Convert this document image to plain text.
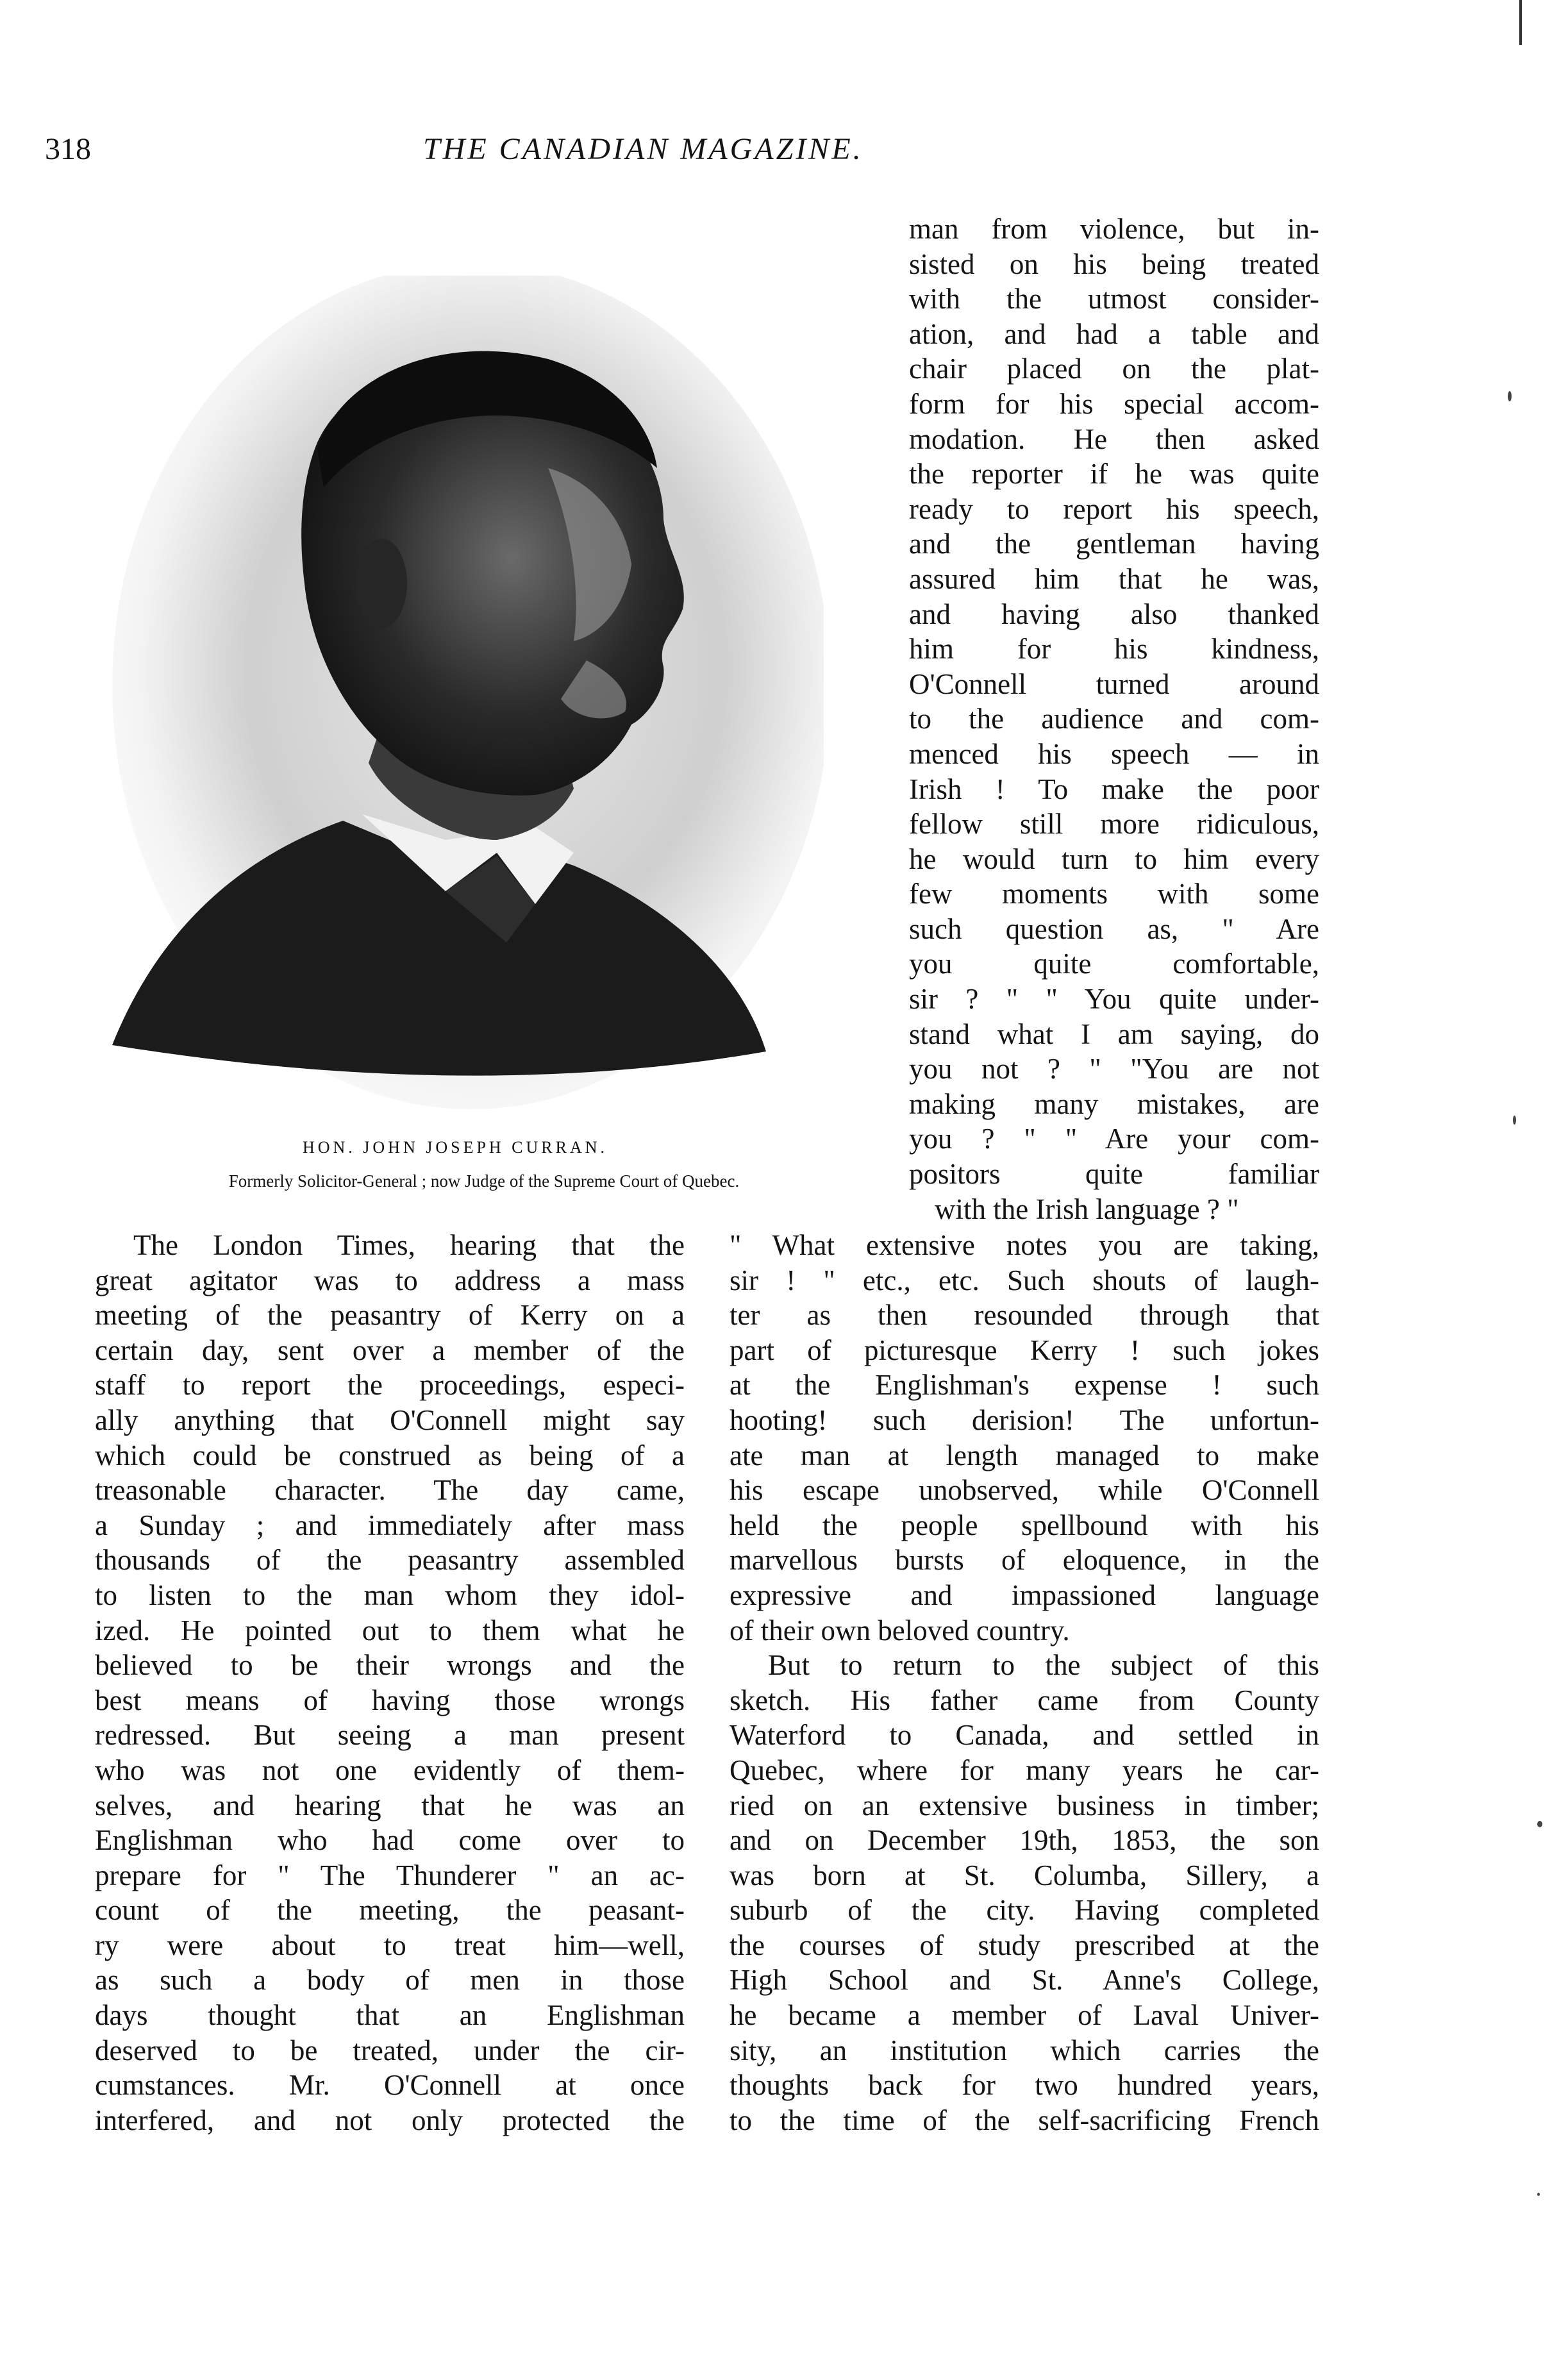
318	THE CANADIAN MAGAZINE.
HON. JOHN JOSEPH CURRAN.
Formerly Solicitor-General ; now Judge of the Supreme Court of Quebec.
man from violence, but in-
sisted on his being treated
with the utmost consider-
ation, and had a table and
chair placed on the plat-
form for his special accom-
modation. He then asked
the reporter if he was quite
ready to report his speech,
and the gentleman having
assured him that he was,
and having also thanked
him for his kindness,
O'Connell turned around
to the audience and com-
menced his speech — in
Irish ! To make the poor
fellow still more ridiculous,
he would turn to him every
few moments with some
such question as, " Are
you quite comfortable,
sir ? " " You quite under-
stand what I am saying, do
you not ? " "You are not
making many mistakes, are
you ? " " Are your com-
positors quite familiar
with the Irish language ? "
The London Times, hearing that the
great agitator was to address a mass
meeting of the peasantry of Kerry on a
certain day, sent over a member of the
staff to report the proceedings, especi-
ally anything that O'Connell might say
which could be construed as being of a
treasonable character. The day came,
a Sunday ; and immediately after mass
thousands of the peasantry assembled
to listen to the man whom they idol-
ized. He pointed out to them what he
believed to be their wrongs and the
best means of having those wrongs
redressed. But seeing a man present
who was not one evidently of them-
selves, and hearing that he was an
Englishman who had come over to
prepare for " The Thunderer " an ac-
count of the meeting, the peasant-
ry were about to treat him—well,
as such a body of men in those
days thought that an Englishman
deserved to be treated, under the cir-
cumstances. Mr. O'Connell at once
interfered, and not only protected the
" What extensive notes you are taking,
sir ! " etc., etc. Such shouts of laugh-
ter as then resounded through that
part of picturesque Kerry ! such jokes
at the Englishman's expense ! such
hooting! such derision! The unfortun-
ate man at length managed to make
his escape unobserved, while O'Connell
held the people spellbound with his
marvellous bursts of eloquence, in the
expressive and impassioned language
of their own beloved country.
But to return to the subject of this
sketch. His father came from County
Waterford to Canada, and settled in
Quebec, where for many years he car-
ried on an extensive business in timber;
and on December 19th, 1853, the son
was born at St. Columba, Sillery, a
suburb of the city. Having completed
the courses of study prescribed at the
High School and St. Anne's College,
he became a member of Laval Univer-
sity, an institution which carries the
thoughts back for two hundred years,
to the time of the self-sacrificing French
